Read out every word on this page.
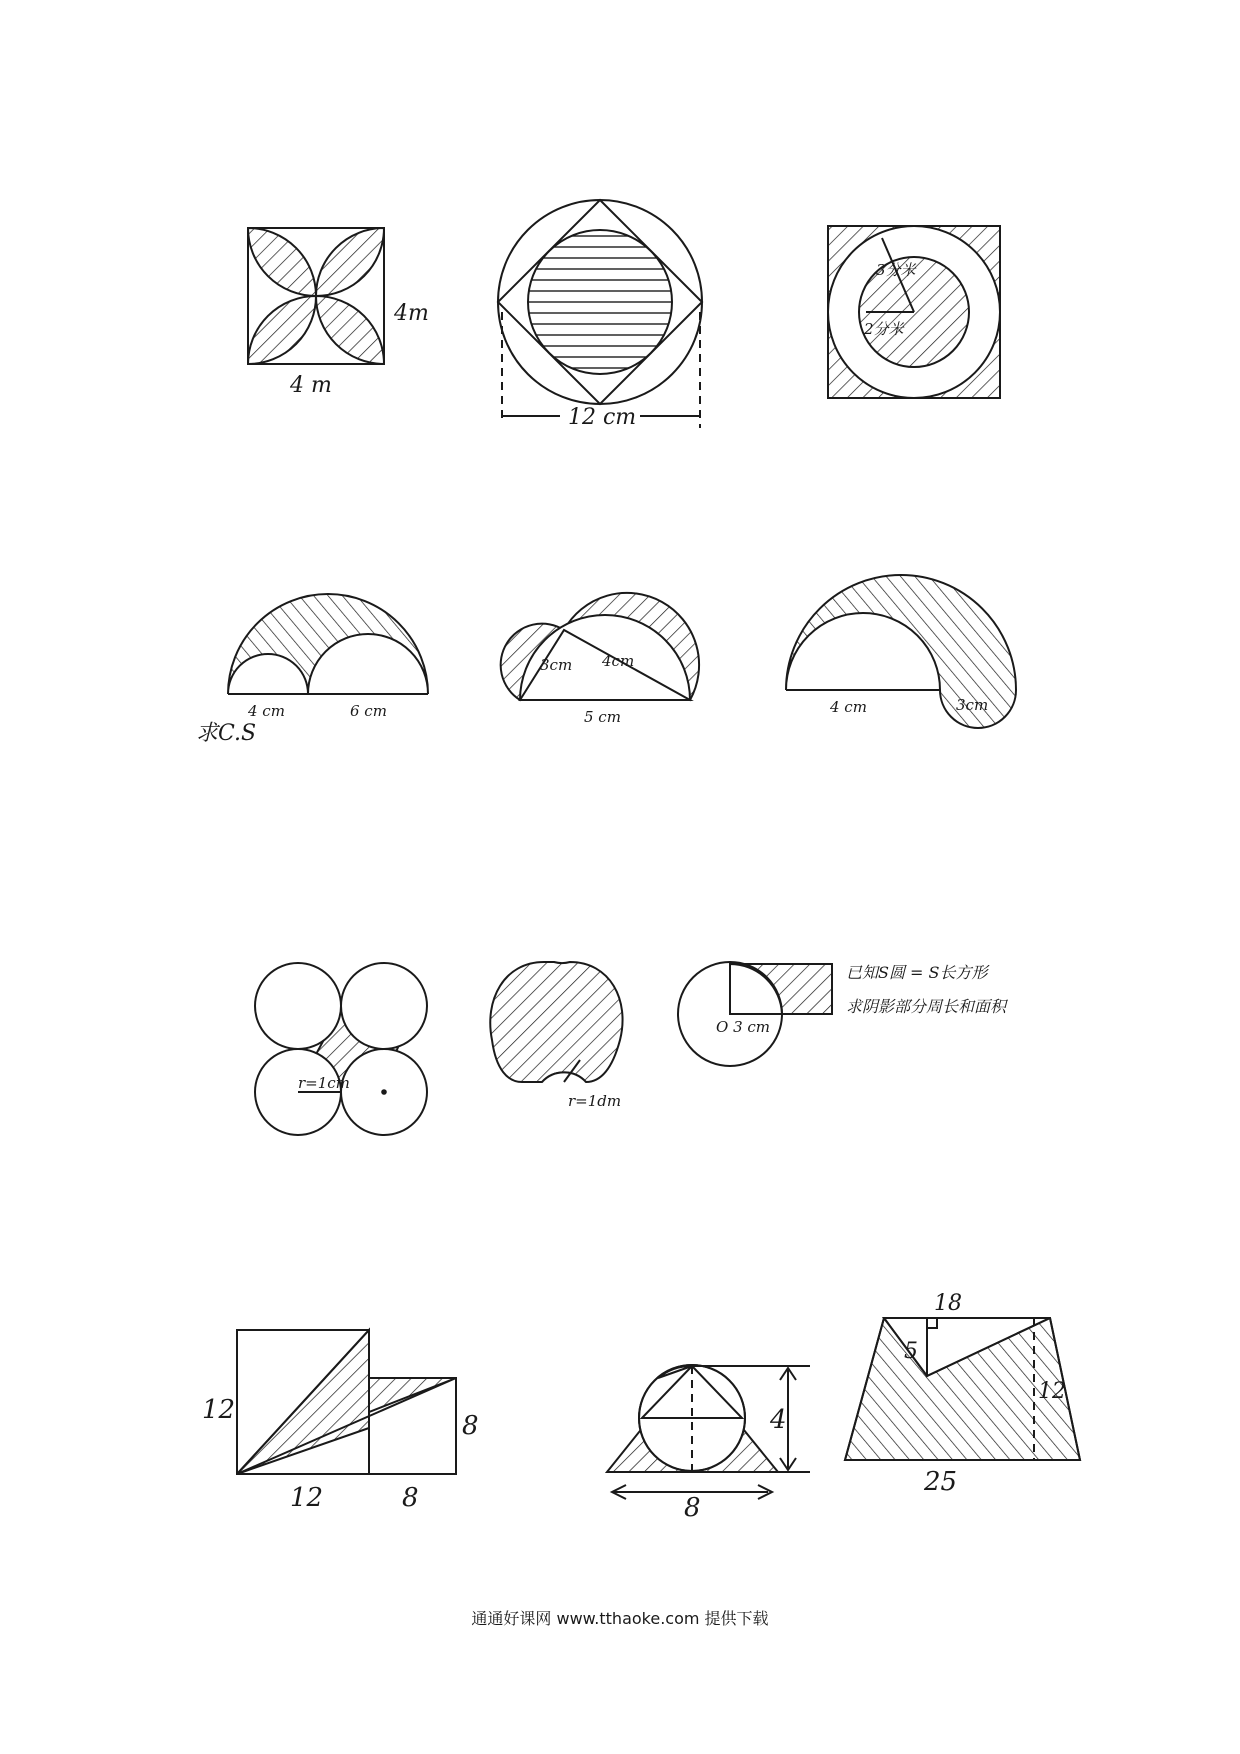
4m
4 m
12 cm
3分米
2分米
4 cm	6 cm
求C.S
3cm 4cm
5 cm
4 cm	3cm
r=1cm
r=1dm
O 3 cm
已知S圆 = S长方形
求阴影部分周长和面积
12
12
8
8
4
8
18
5
12
25
通通好课网 www.tthaoke.com 提供下载
